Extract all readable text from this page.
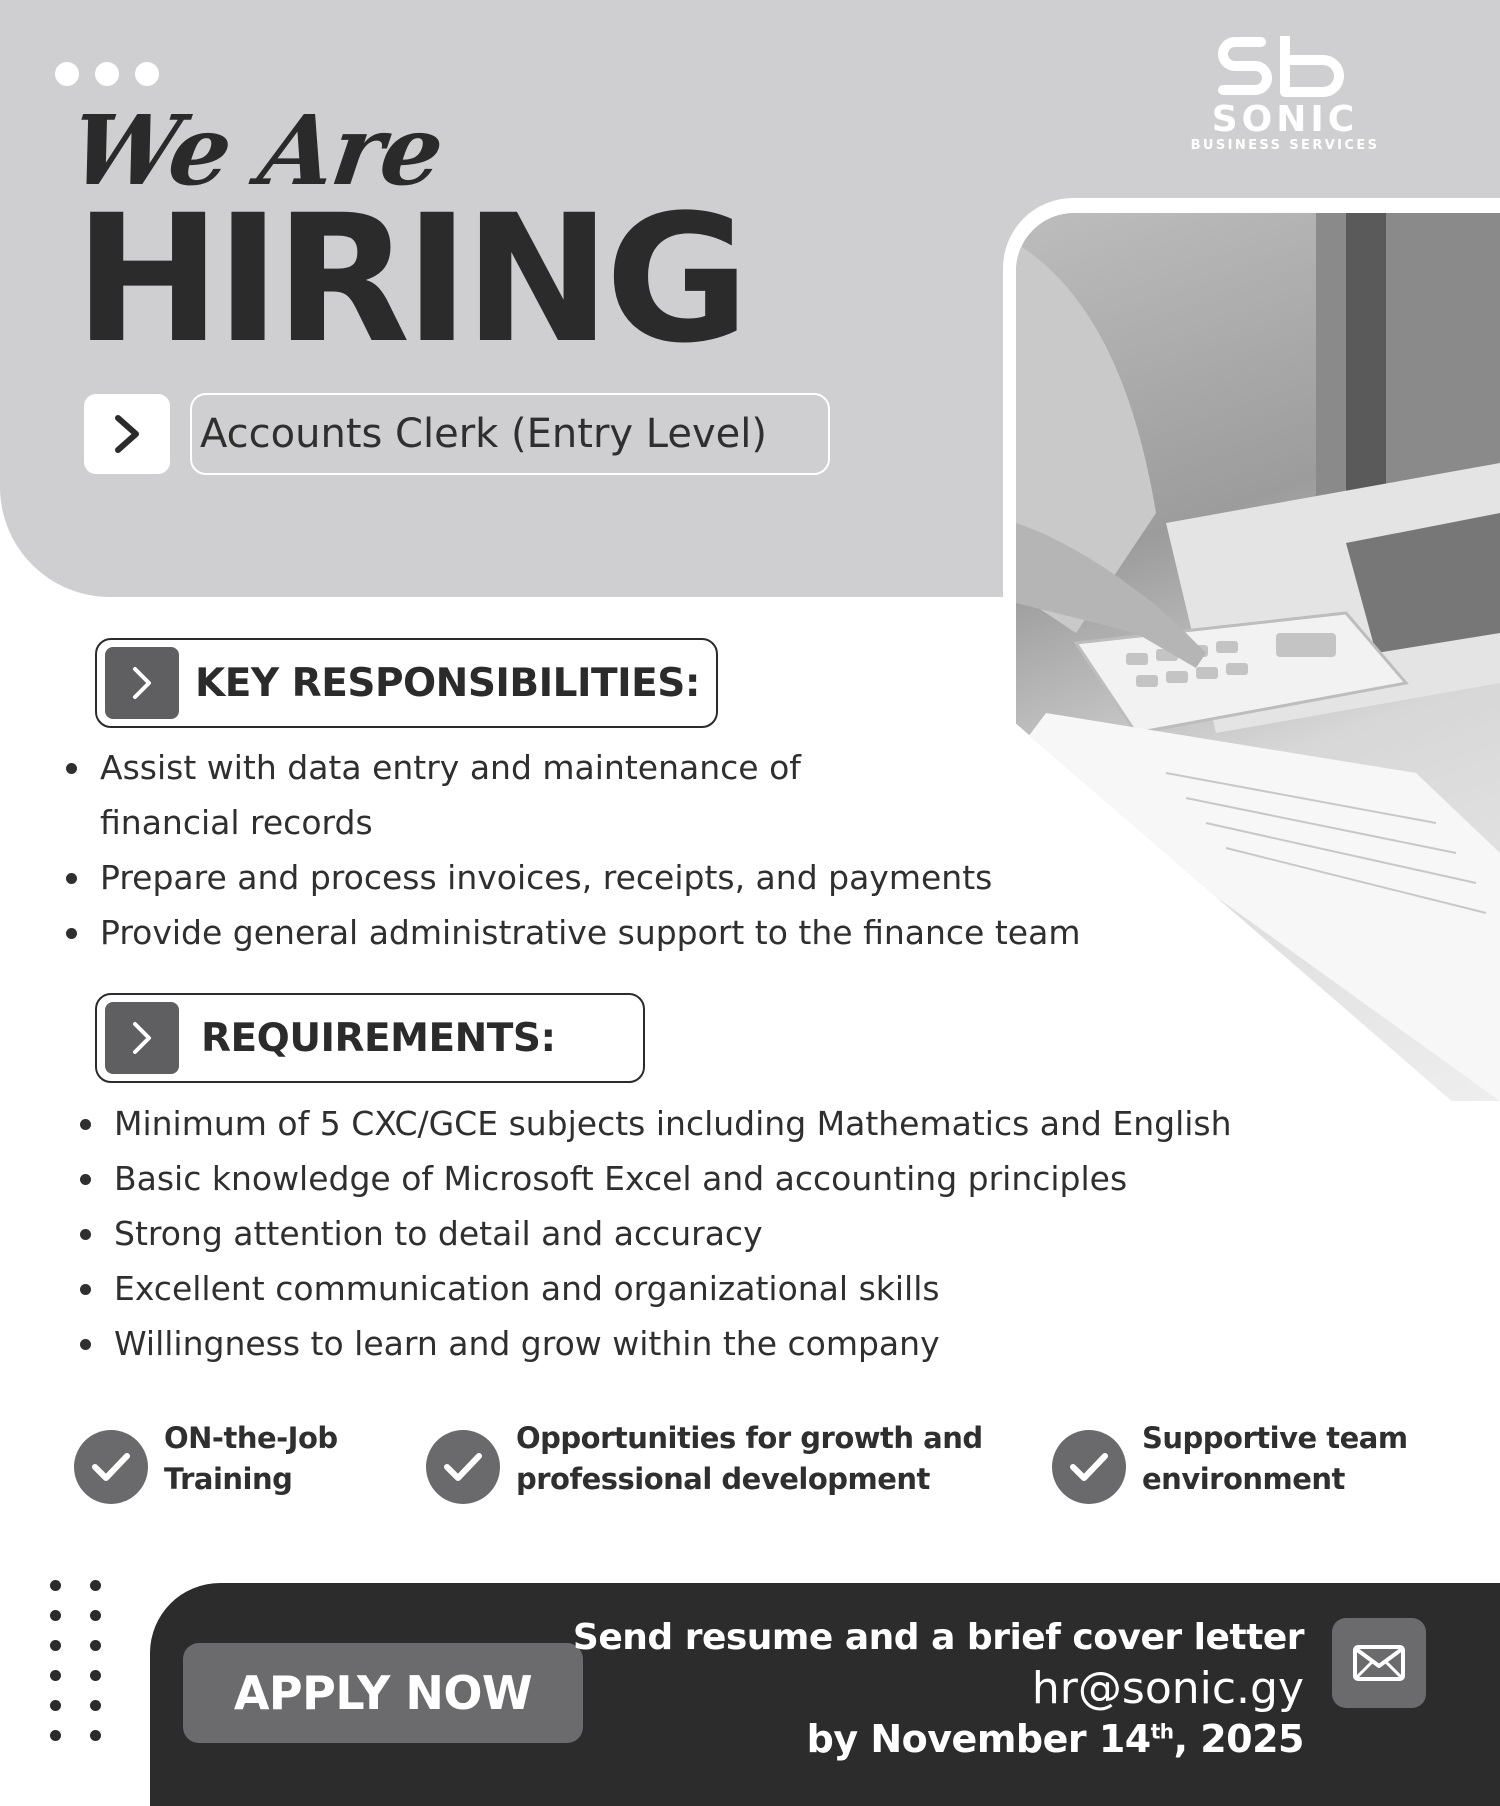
SONIC
BUSINESS SERVICES
We Are
HIRING
Accounts Clerk (Entry Level)
KEY RESPONSIBILITIES:
Assist with data entry and maintenance of financial records
Prepare and process invoices, receipts, and payments
Provide general administrative support to the finance team
REQUIREMENTS:
Minimum of 5 CXC/GCE subjects including Mathematics and English
Basic knowledge of Microsoft Excel and accounting principles
Strong attention to detail and accuracy
Excellent communication and organizational skills
Willingness to learn and grow within the company
ON-the-Job
Training
Opportunities for growth and
professional development
Supportive team
environment
APPLY NOW
Send resume and a brief cover letter
hr@sonic.gy
by November 14th, 2025
